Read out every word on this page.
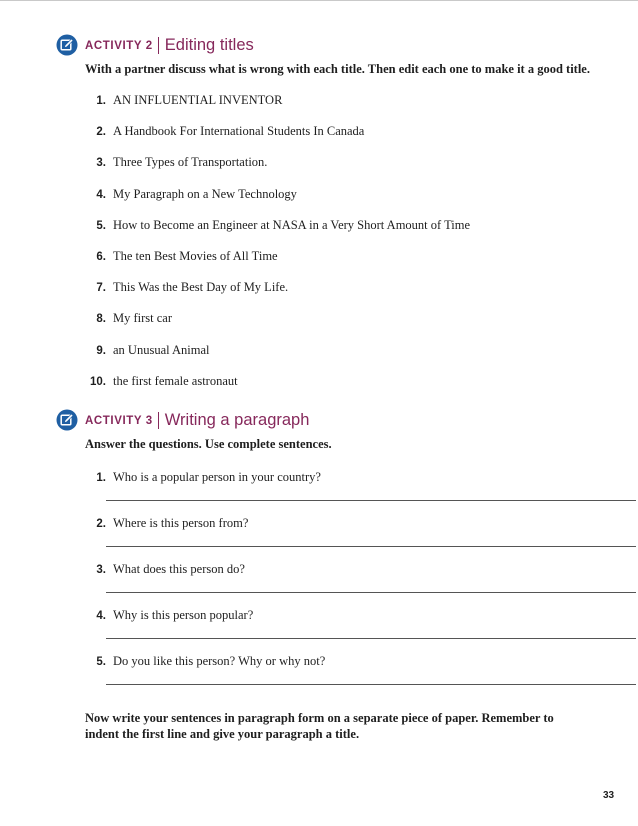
ACTIVITY 2 Editing titles
With a partner discuss what is wrong with each title. Then edit each one to make it a good title.
1. AN INFLUENTIAL INVENTOR
2. A Handbook For International Students In Canada
3. Three Types of Transportation.
4. My Paragraph on a New Technology
5. How to Become an Engineer at NASA in a Very Short Amount of Time
6. The ten Best Movies of All Time
7. This Was the Best Day of My Life.
8. My first car
9. an Unusual Animal
10. the first female astronaut
ACTIVITY 3 Writing a paragraph
Answer the questions. Use complete sentences.
1. Who is a popular person in your country?
2. Where is this person from?
3. What does this person do?
4. Why is this person popular?
5. Do you like this person? Why or why not?
Now write your sentences in paragraph form on a separate piece of paper. Remember to indent the first line and give your paragraph a title.
33
